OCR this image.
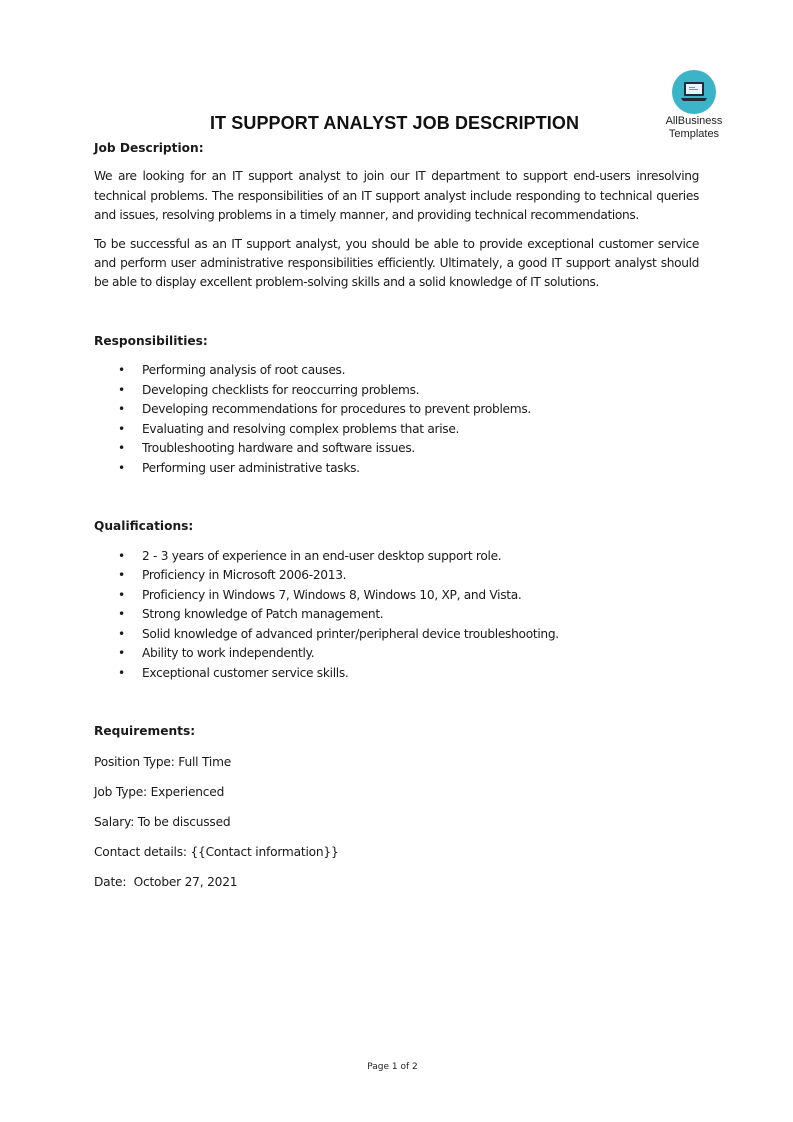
AllBusiness
Templates
IT SUPPORT ANALYST JOB DESCRIPTION

Job Description:

We are looking for an IT support analyst to join our IT department to support end-users inresolving technical problems. The responsibilities of an IT support analyst include responding to technical queries and issues, resolving problems in a timely manner, and providing technical recommendations.

To be successful as an IT support analyst, you should be able to provide exceptional customer service and perform user administrative responsibilities efficiently. Ultimately, a good IT support analyst should be able to display excellent problem-solving skills and a solid knowledge of IT solutions.

Responsibilities:

• Performing analysis of root causes.
• Developing checklists for reoccurring problems.
• Developing recommendations for procedures to prevent problems.
• Evaluating and resolving complex problems that arise.
• Troubleshooting hardware and software issues.
• Performing user administrative tasks.

Qualifications:

• 2 - 3 years of experience in an end-user desktop support role.
• Proficiency in Microsoft 2006-2013.
• Proficiency in Windows 7, Windows 8, Windows 10, XP, and Vista.
• Strong knowledge of Patch management.
• Solid knowledge of advanced printer/peripheral device troubleshooting.
• Ability to work independently.
• Exceptional customer service skills.

Requirements:

Position Type: Full Time

Job Type: Experienced

Salary: To be discussed

Contact details: {{Contact information}}

Date:  October 27, 2021

Page 1 of 2
